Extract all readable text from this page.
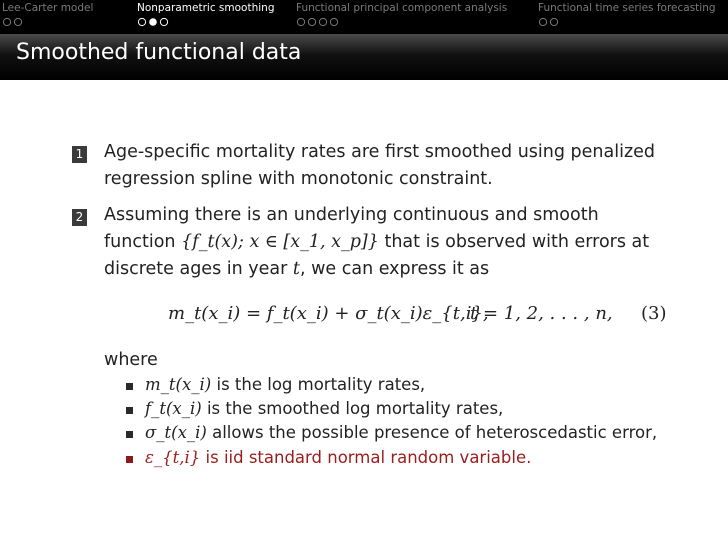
Lee-Carter model	Nonparametric smoothing Functional principal component analysis	Functional time series forecasting
Smoothed functional data
1 Age-specific mortality rates are first smoothed using penalized
regression spline with monotonic constraint.
2 Assuming there is an underlying continuous and smooth
function {f_t(x); x ∈ [x_1, x_p]} that is observed with errors at
discrete ages in year t, we can express it as
m_t(x_i) = f_t(x_i) + σ_t(x_i)ε_{t,i},
t = 1, 2, . . . , n, (3)
where
m_t(x_i) is the log mortality rates,
f_t(x_i) is the smoothed log mortality rates,
σ_t(x_i) allows the possible presence of heteroscedastic error,
ε_{t,i} is iid standard normal random variable.
